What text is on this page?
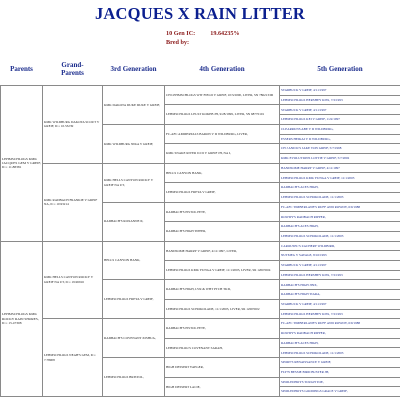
JACQUES X RAIN LITTER
10 Gen IC: 19.64235%
Bred by:
Parents	Grand-
Parents	3rd Generation	4th Generation	5th Generation
LEHMSCHLOGS KMK JACQUES GEM V GREIF, IC= 11.88381	KMK WILDBURG DAKOTA SCOUT V GREIF, IC= 10.53239	KMK DAKOTA DUKE DUKE V GREIF,	CH LEHMSCHLOGS WIT FIELD V GREIF, 10/3/2000, LIVER, SN 786213/06	STARBUCK V GREIF, 4/11/1997
				LEHMSCHLOGS HERSHEY KISS, 7/2/1993
			LEHMSCHLOGS LEULT KOKEB JH, 9/28/1999, LIVER, SN 68770101	STARBUCK V GREIF, 4/11/1997
				LEHMSCHLOGS KEI V GREIF, 1/22/1997
		KMK WILDBURG NIKA V GREIF,	FC-AFC AMMERTALS BARON V D WILDBURG, LIVER,	CLEARRUNS ABE V D WILDBURG,
				ESSERS HEIKAI V D WILDBURG,
			KMK SNAKE RIVER JO D V GREIF JH, NA I,	CH J AND K'S JAKE VON GREIF, 5/7/1998
				KMK EVOLUTIONS LOTTIE V GREIF, 5/7/2002
	KMK RADBACH FRANKIE V GREIF NA, IC= 10.93214	KMK HELLS CANYON ROCKY V GREIF NA UT,	HELLS CANYON HANK,	HANDSOME HARRY V GREIF, 4/11/1997
				LEHMSCHLOGS KMK YUNGA V GREIF, 11/1/2003
			LEHMSCHLOGS FREYA V GREIF,	RADBACH'S ACES HIGH,
				LEHMSCHLOGS SCHOKOLADE, 11/1/2003
		RADBACH'S ROXANNE II,	RADBACH'S PISTOL PETE,	FC-AFC TIMBERLANE'S RUFF AND ROWDY, 6/9/1988
				ROWDY'S RADBACH RIPPER,
			RADBACH'S HIGH TIPPER,	RADBACH'S ACES HIGH,
				LEHMSCHLOGS SCHOKOLADE, 11/1/2003
LEHMSCHLOGS KMK ROCKY RAIN SHORES, IC= 15.47308	KMK HELLS CANYON ROCKY V GREIF NA UT, IC= 19.96916	HELLS CANYON HANK,	HANDSOME HARRY V GREIF, 4/11/1997, LIVER,	CAROUSEL'S ZACHERY WILDBIRD,
				NUTMEG V SAVAGE, 8/16/1993
			LEHMSCHLOGS KMK YUNGA V GREIF, 11/1/2003, LIVER, SR 12003504	STARBUCK V GREIF, 4/11/1997
				LEHMSCHLOGS HERSHEY KISS, 7/2/1993
		LEHMSCHLOGS FREYA V GREIF,	RADBACH'S HIGH, LVR & WHT PTCH TKD,	RADBACH'S HIGH JINX,
				RADBACH'S HIGH TIARA,
			LEHMSCHLOGS SCHOKOLADE, 11/1/2003, LIVER, SR 12003502	STARBUCK V GREIF, 4/11/1997
				LEHMSCHLOGS HERSHEY KISS, 7/2/1993
	LEHMSCHLOGS NEAH'S GEM, IC= 7.78908	RADBACH'S COVENANT JOSHUA,	RADBACH'S PISTOL PETE,	FC-AFC TIMBERLANE'S RUFF AND ROWDY, 6/9/1988
				ROWDY'S RADBACH RIPPER,
			LEHMSCHLOG'S COVENANT SARAH,	RADBACH'S ACES HIGH,
				LEHMSCHLOGS SCHOKOLADE, 11/1/2003
		LEHMSCHLOGS BRISTOL,	HIGH DESSERT YAEGER,	SPORT'S RENAISSANCE V GREIF,
				FLY'N BESSIE BIRD BUSTER JH,
			HIGH DESSERT LACIE,	SPOILEDHOYS TOUGH TOE,
				SPOILEDHOYS GOODINGS GRACE V GREIF,
